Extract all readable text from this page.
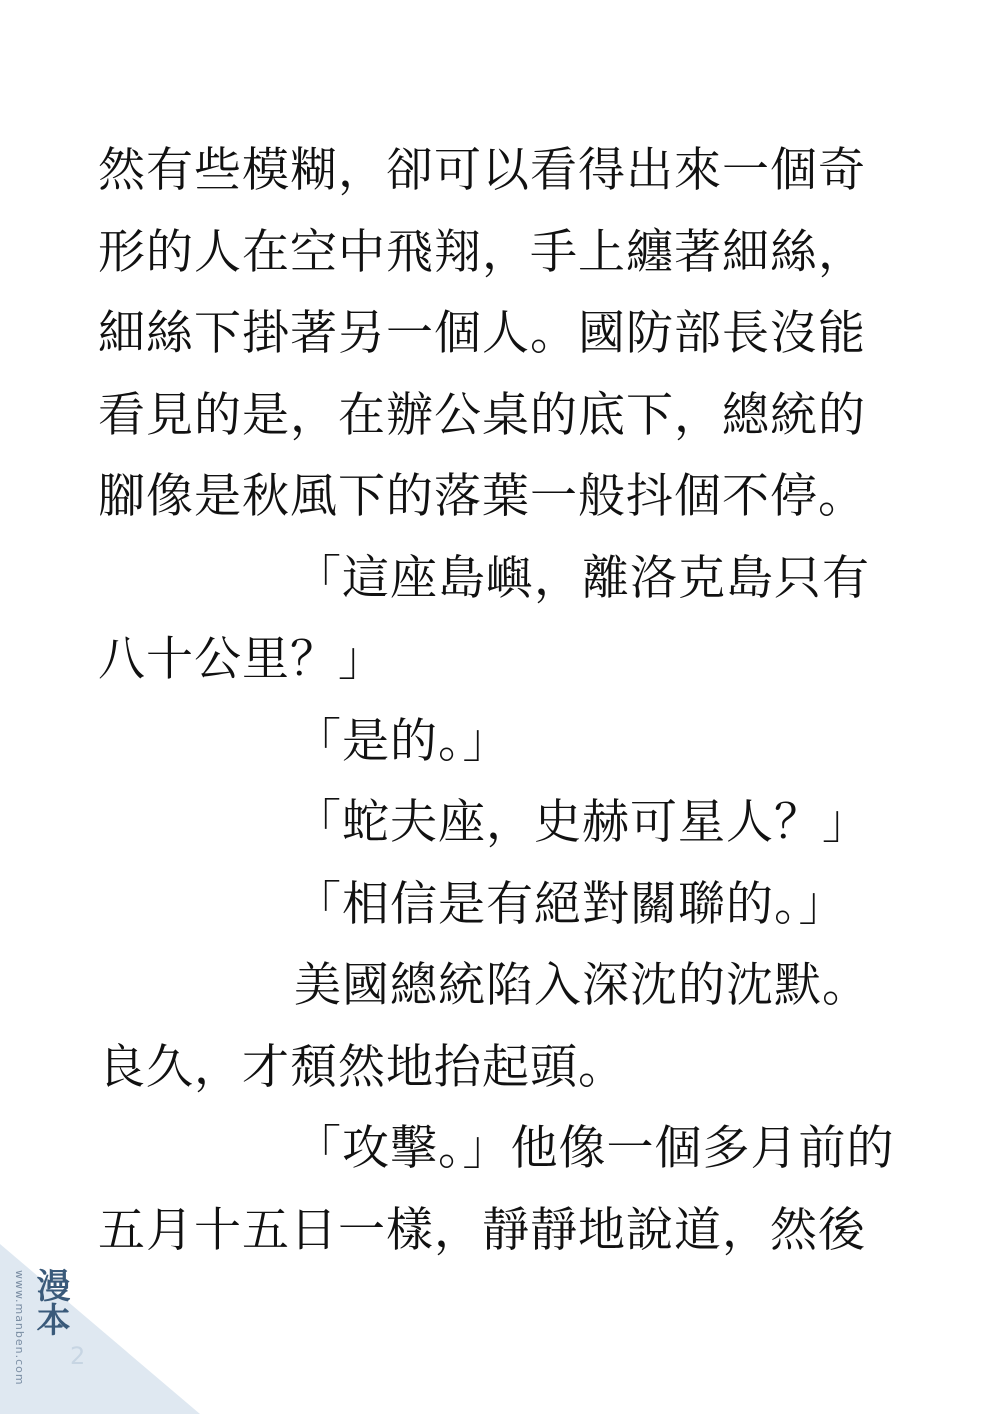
然有些模糊，卻可以看得出來一個奇
形的人在空中飛翔，手上纏著細絲，
細絲下掛著另一個人。國防部長沒能
看見的是，在辦公桌的底下，總統的
腳像是秋風下的落葉一般抖個不停。
「這座島嶼，離洛克島只有
八十公里？」
「是的。」
「蛇夫座，史赫可星人？」
「相信是有絕對關聯的。」
美國總統陷入深沈的沈默。
良久，才頹然地抬起頭。
「攻擊。」他像一個多月前的
五月十五日一樣，靜靜地說道，然後
www.manben.com 漫本
2
